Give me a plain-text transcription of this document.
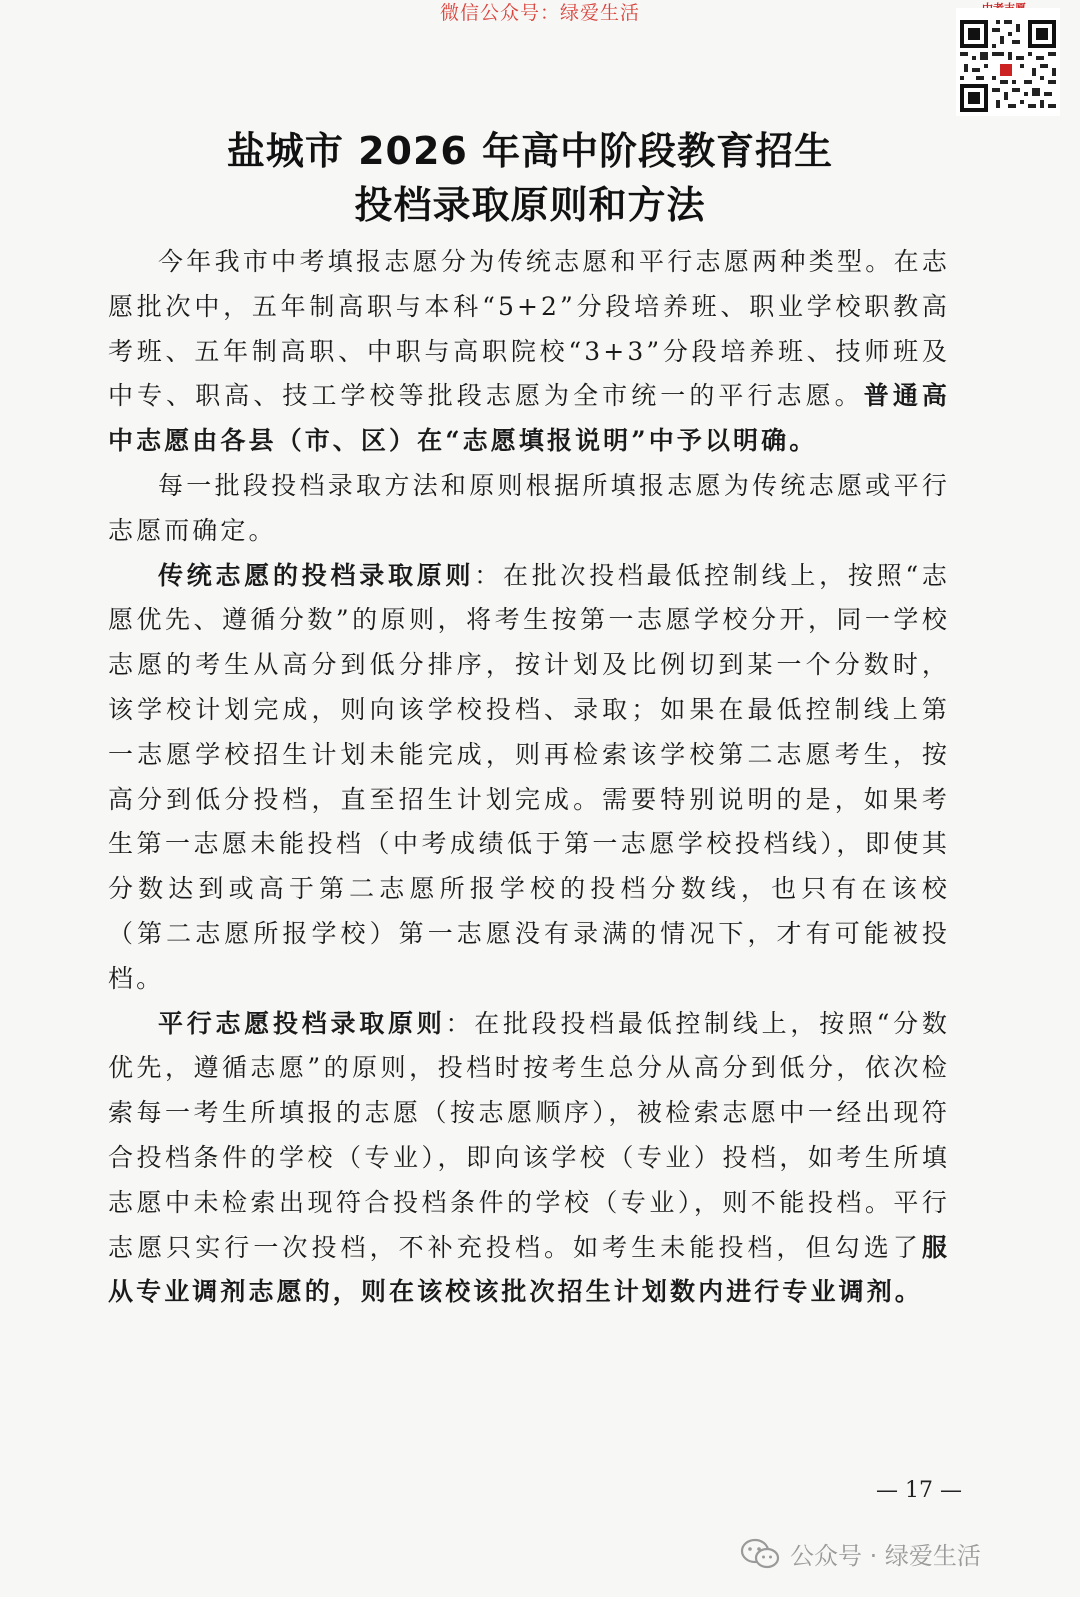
微信公众号：绿爱生活
盐城市 2026 年高中阶段教育招生
投档录取原则和方法

今年我市中考填报志愿分为传统志愿和平行志愿两种类型。在志愿批次中，五年制高职与本科“5+2”分段培养班、职业学校职教高考班、五年制高职、中职与高职院校“3+3”分段培养班、技师班及中专、职高、技工学校等批段志愿为全市统一的平行志愿。普通高中志愿由各县（市、区）在“志愿填报说明”中予以明确。

每一批段投档录取方法和原则根据所填报志愿为传统志愿或平行志愿而确定。

传统志愿的投档录取原则：在批次投档最低控制线上，按照“志愿优先、遵循分数”的原则，将考生按第一志愿学校分开，同一学校志愿的考生从高分到低分排序，按计划及比例切到某一个分数时，该学校计划完成，则向该学校投档、录取；如果在最低控制线上第一志愿学校招生计划未能完成，则再检索该学校第二志愿考生，按高分到低分投档，直至招生计划完成。需要特别说明的是，如果考生第一志愿未能投档（中考成绩低于第一志愿学校投档线），即使其分数达到或高于第二志愿所报学校的投档分数线，也只有在该校（第二志愿所报学校）第一志愿没有录满的情况下，才有可能被投档。

平行志愿投档录取原则：在批段投档最低控制线上，按照“分数优先，遵循志愿”的原则，投档时按考生总分从高分到低分，依次检索每一考生所填报的志愿（按志愿顺序），被检索志愿中一经出现符合投档条件的学校（专业），即向该学校（专业）投档，如考生所填志愿中未检索出现符合投档条件的学校（专业），则不能投档。平行志愿只实行一次投档，不补充投档。如考生未能投档，但勾选了服从专业调剂志愿的，则在该校该批次招生计划数内进行专业调剂。

— 17 —
公众号 · 绿爱生活
